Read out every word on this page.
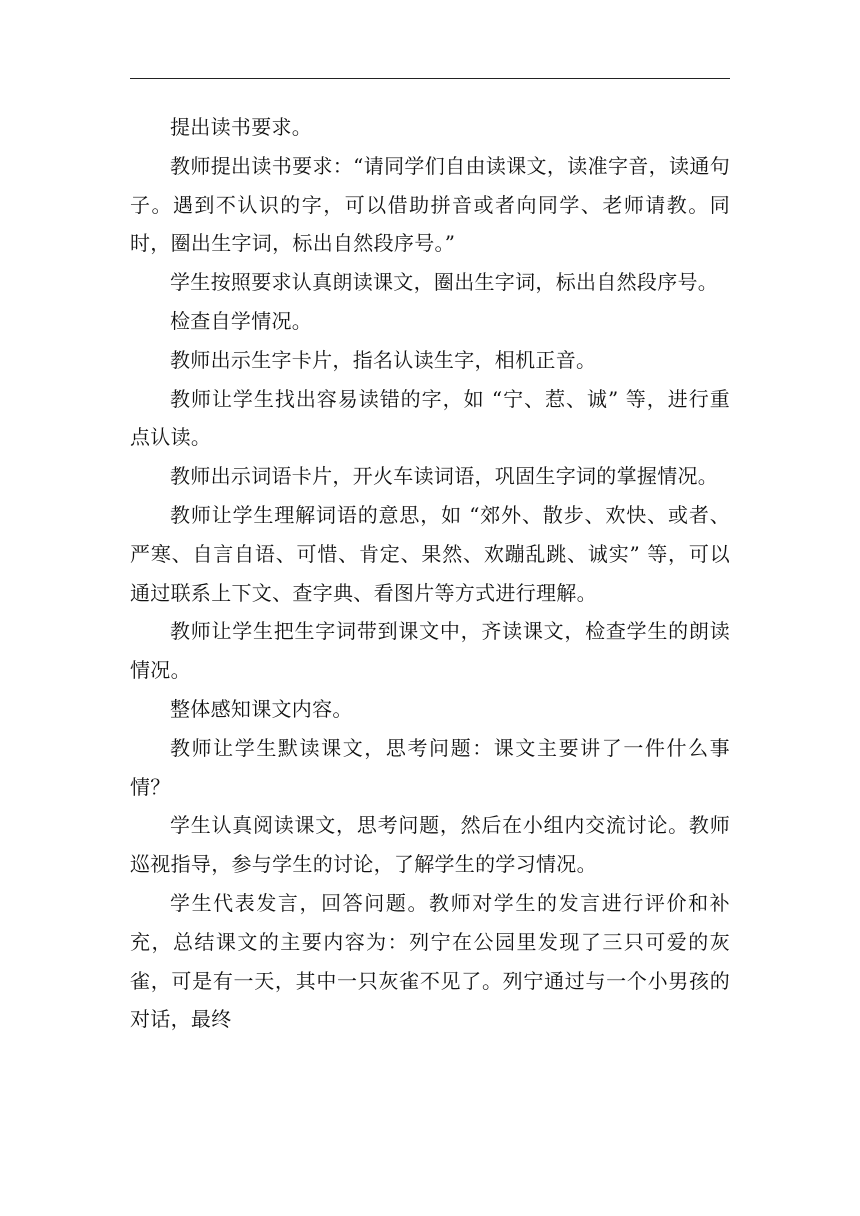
提出读书要求。

教师提出读书要求：“请同学们自由读课文，读准字音，读通句子。遇到不认识的字，可以借助拼音或者向同学、老师请教。同时，圈出生字词，标出自然段序号。”

学生按照要求认真朗读课文，圈出生字词，标出自然段序号。

检查自学情况。

教师出示生字卡片，指名认读生字，相机正音。

教师让学生找出容易读错的字，如 “宁、惹、诚” 等，进行重点认读。

教师出示词语卡片，开火车读词语，巩固生字词的掌握情况。

教师让学生理解词语的意思，如 “郊外、散步、欢快、或者、严寒、自言自语、可惜、肯定、果然、欢蹦乱跳、诚实” 等，可以通过联系上下文、查字典、看图片等方式进行理解。

教师让学生把生字词带到课文中，齐读课文，检查学生的朗读情况。

整体感知课文内容。

教师让学生默读课文，思考问题：课文主要讲了一件什么事情？

学生认真阅读课文，思考问题，然后在小组内交流讨论。教师巡视指导，参与学生的讨论，了解学生的学习情况。

学生代表发言，回答问题。教师对学生的发言进行评价和补充，总结课文的主要内容为：列宁在公园里发现了三只可爱的灰雀，可是有一天，其中一只灰雀不见了。列宁通过与一个小男孩的对话，最终
